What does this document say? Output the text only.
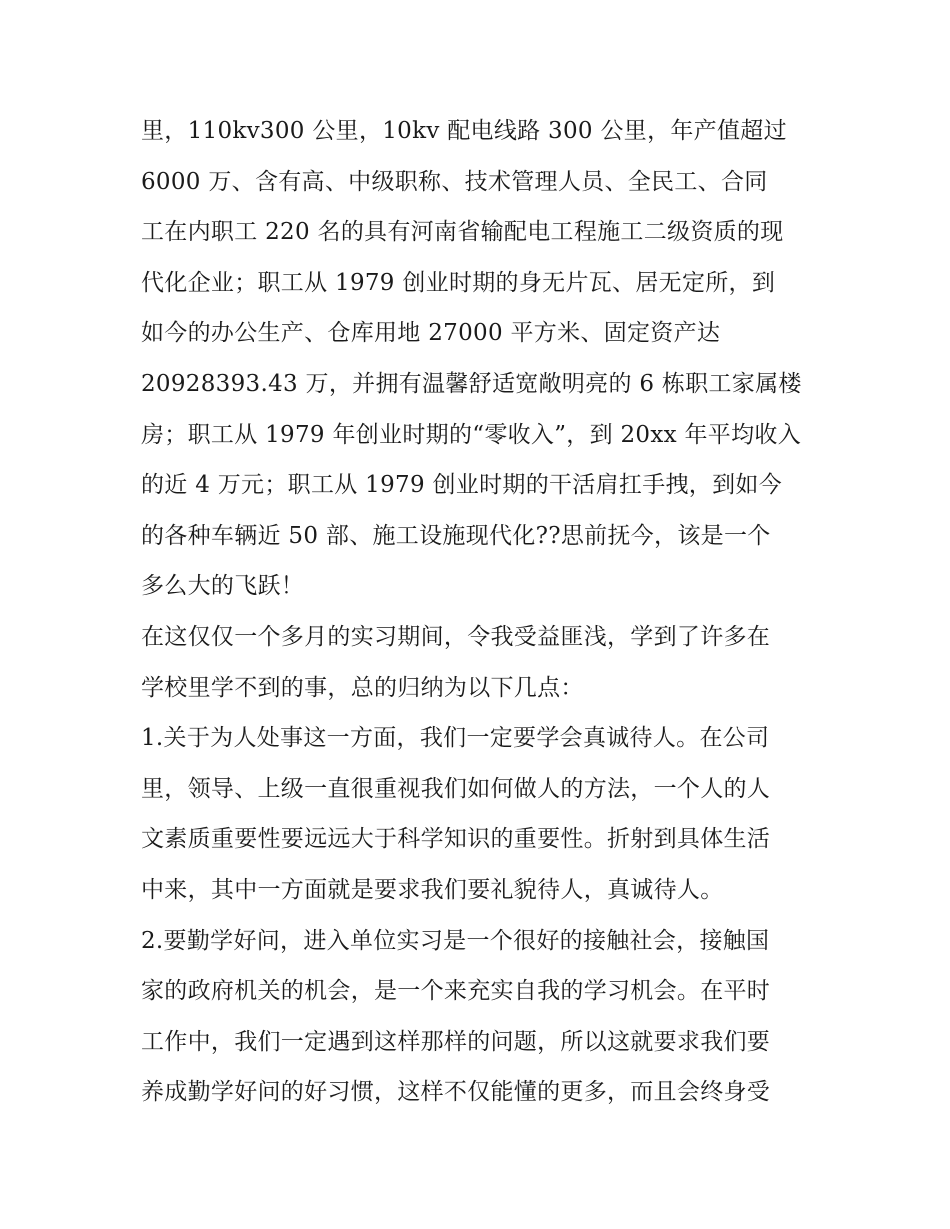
里，110kv300 公里，10kv 配电线路 300 公里，年产值超过
6000 万、含有高、中级职称、技术管理人员、全民工、合同
工在内职工 220 名的具有河南省输配电工程施工二级资质的现
代化企业；职工从 1979 创业时期的身无片瓦、居无定所，到
如今的办公生产、仓库用地 27000 平方米、固定资产达
20928393.43 万，并拥有温馨舒适宽敞明亮的 6 栋职工家属楼
房；职工从 1979 年创业时期的“零收入”，到 20xx 年平均收入
的近 4 万元；职工从 1979 创业时期的干活肩扛手拽，到如今
的各种车辆近 50 部、施工设施现代化??思前抚今，该是一个
多么大的飞跃！
在这仅仅一个多月的实习期间，令我受益匪浅，学到了许多在
学校里学不到的事，总的归纳为以下几点：
1.关于为人处事这一方面，我们一定要学会真诚待人。在公司
里，领导、上级一直很重视我们如何做人的方法，一个人的人
文素质重要性要远远大于科学知识的重要性。折射到具体生活
中来，其中一方面就是要求我们要礼貌待人，真诚待人。
2.要勤学好问，进入单位实习是一个很好的接触社会，接触国
家的政府机关的机会，是一个来充实自我的学习机会。在平时
工作中，我们一定遇到这样那样的问题，所以这就要求我们要
养成勤学好问的好习惯，这样不仅能懂的更多，而且会终身受
